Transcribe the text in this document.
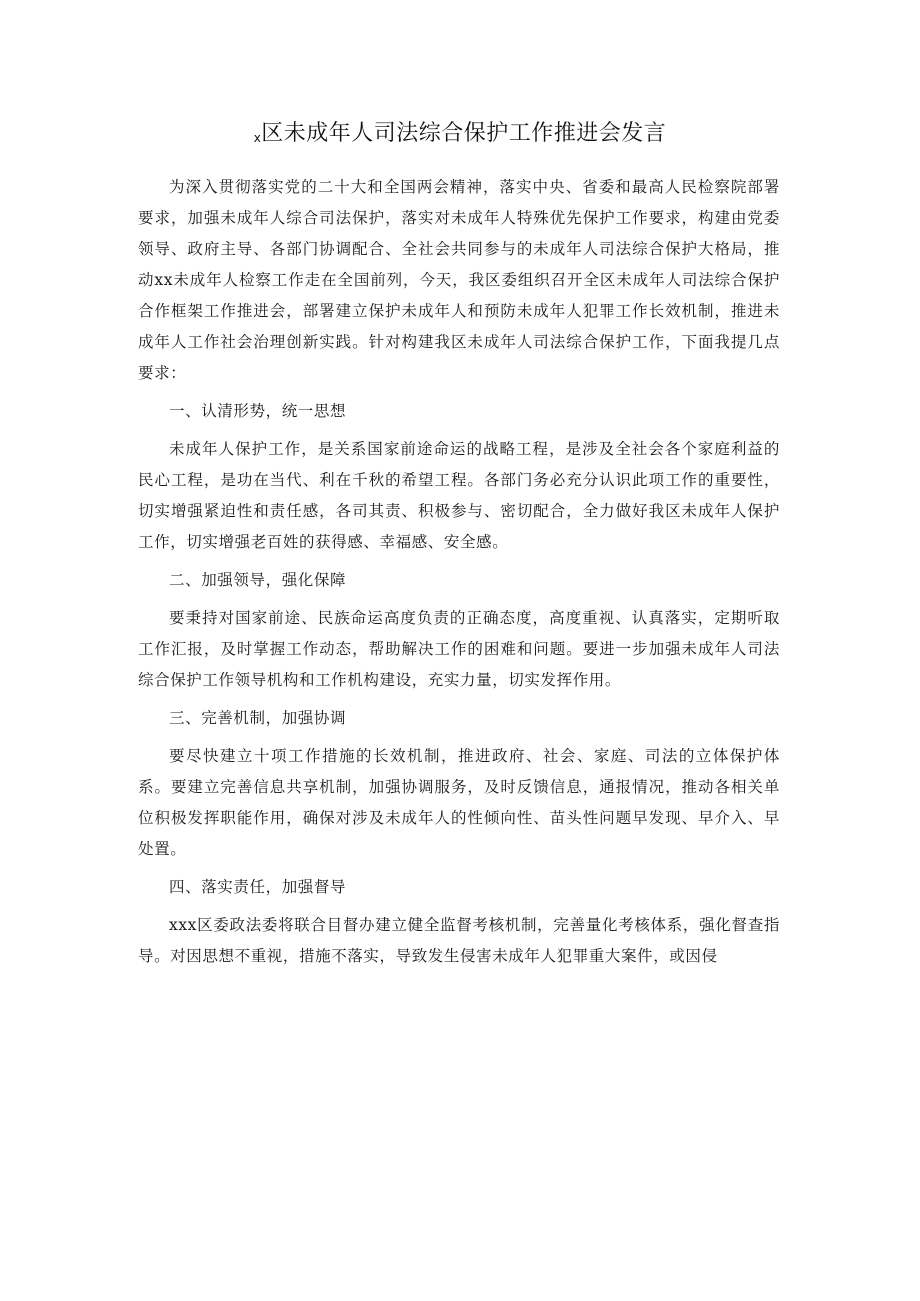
x区未成年人司法综合保护工作推进会发言

为深入贯彻落实党的二十大和全国两会精神，落实中央、省委和最高人民检察院部署要求，加强未成年人综合司法保护，落实对未成年人特殊优先保护工作要求，构建由党委领导、政府主导、各部门协调配合、全社会共同参与的未成年人司法综合保护大格局，推动xx未成年人检察工作走在全国前列，今天，我区委组织召开全区未成年人司法综合保护合作框架工作推进会，部署建立保护未成年人和预防未成年人犯罪工作长效机制，推进未成年人工作社会治理创新实践。针对构建我区未成年人司法综合保护工作，下面我提几点要求：

一、认清形势，统一思想

未成年人保护工作，是关系国家前途命运的战略工程，是涉及全社会各个家庭利益的民心工程，是功在当代、利在千秋的希望工程。各部门务必充分认识此项工作的重要性，切实增强紧迫性和责任感，各司其责、积极参与、密切配合，全力做好我区未成年人保护工作，切实增强老百姓的获得感、幸福感、安全感。

二、加强领导，强化保障

要秉持对国家前途、民族命运高度负责的正确态度，高度重视、认真落实，定期听取工作汇报，及时掌握工作动态，帮助解决工作的困难和问题。要进一步加强未成年人司法综合保护工作领导机构和工作机构建设，充实力量，切实发挥作用。

三、完善机制，加强协调

要尽快建立十项工作措施的长效机制，推进政府、社会、家庭、司法的立体保护体系。要建立完善信息共享机制，加强协调服务，及时反馈信息，通报情况，推动各相关单位积极发挥职能作用，确保对涉及未成年人的性倾向性、苗头性问题早发现、早介入、早处置。

四、落实责任，加强督导

xxx区委政法委将联合目督办建立健全监督考核机制，完善量化考核体系，强化督查指导。对因思想不重视，措施不落实，导致发生侵害未成年人犯罪重大案件，或因侵
